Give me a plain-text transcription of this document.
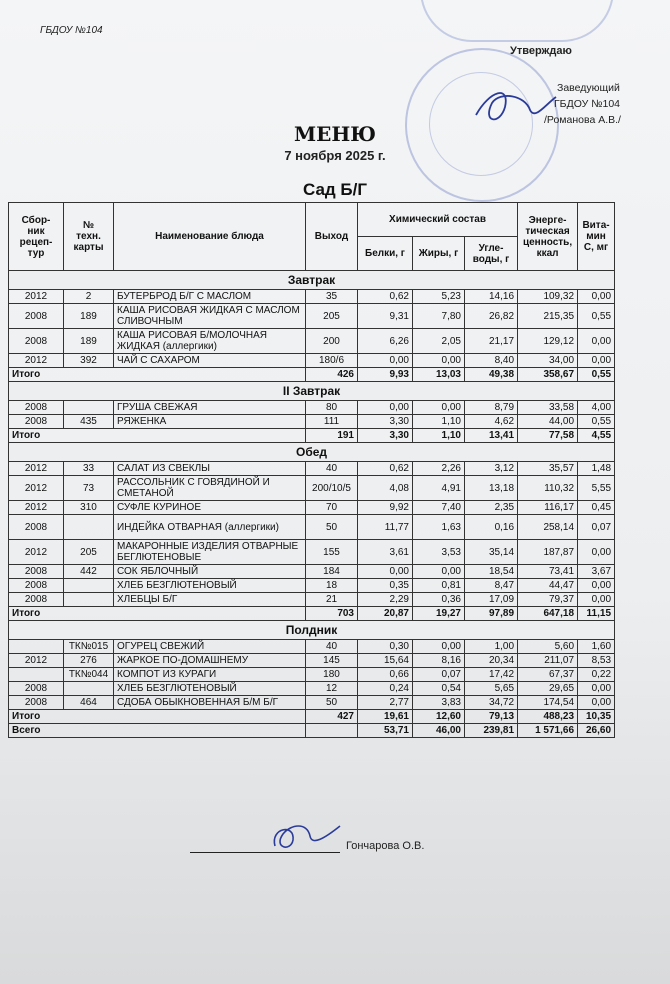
ГБДОУ №104
Утверждаю
Заведующий
ГБДОУ №104
/Романова А.В./
МЕНЮ
7 ноября 2025 г.
Сад Б/Г
Сбор-
ник
рецеп-
тур	№
техн.
карты	Наименование блюда	Выход	Химический состав			Энерге-
тическая
ценность,
ккал	Вита-
мин
С, мг
				Белки, г	Жиры, г	Угле-
воды, г		
Завтрак								
2012	2	БУТЕРБРОД Б/Г С МАСЛОМ	35	0,62	5,23	14,16	109,32	0,00
2008	189	КАША РИСОВАЯ ЖИДКАЯ С МАСЛОМ СЛИВОЧНЫМ	205	9,31	7,80	26,82	215,35	0,55
2008	189	КАША РИСОВАЯ Б/МОЛОЧНАЯ ЖИДКАЯ (аллергики)	200	6,26	2,05	21,17	129,12	0,00
2012	392	ЧАЙ С САХАРОМ	180/6	0,00	0,00	8,40	34,00	0,00
Итого			426	9,93	13,03	49,38	358,67	0,55
II Завтрак								
2008		ГРУША СВЕЖАЯ	80	0,00	0,00	8,79	33,58	4,00
2008	435	РЯЖЕНКА	111	3,30	1,10	4,62	44,00	0,55
Итого			191	3,30	1,10	13,41	77,58	4,55
Обед								
2012	33	САЛАТ ИЗ СВЕКЛЫ	40	0,62	2,26	3,12	35,57	1,48
2012	73	РАССОЛЬНИК С ГОВЯДИНОЙ И СМЕТАНОЙ	200/10/5	4,08	4,91	13,18	110,32	5,55
2012	310	СУФЛЕ КУРИНОЕ	70	9,92	7,40	2,35	116,17	0,45
2008		ИНДЕЙКА ОТВАРНАЯ (аллергики)	50	11,77	1,63	0,16	258,14	0,07
2012	205	МАКАРОННЫЕ ИЗДЕЛИЯ ОТВАРНЫЕ БЕГЛЮТЕНОВЫЕ	155	3,61	3,53	35,14	187,87	0,00
2008	442	СОК ЯБЛОЧНЫЙ	184	0,00	0,00	18,54	73,41	3,67
2008		ХЛЕБ БЕЗГЛЮТЕНОВЫЙ	18	0,35	0,81	8,47	44,47	0,00
2008		ХЛЕБЦЫ Б/Г	21	2,29	0,36	17,09	79,37	0,00
Итого			703	20,87	19,27	97,89	647,18	11,15
Полдник								
	ТК№015	ОГУРЕЦ СВЕЖИЙ	40	0,30	0,00	1,00	5,60	1,60
2012	276	ЖАРКОЕ ПО-ДОМАШНЕМУ	145	15,64	8,16	20,34	211,07	8,53
	ТК№044	КОМПОТ ИЗ КУРАГИ	180	0,66	0,07	17,42	67,37	0,22
2008		ХЛЕБ БЕЗГЛЮТЕНОВЫЙ	12	0,24	0,54	5,65	29,65	0,00
2008	464	СДОБА ОБЫКНОВЕННАЯ Б/М Б/Г	50	2,77	3,83	34,72	174,54	0,00
Итого			427	19,61	12,60	79,13	488,23	10,35
Всего				53,71	46,00	239,81	1 571,66	26,60
Гончарова О.В.
